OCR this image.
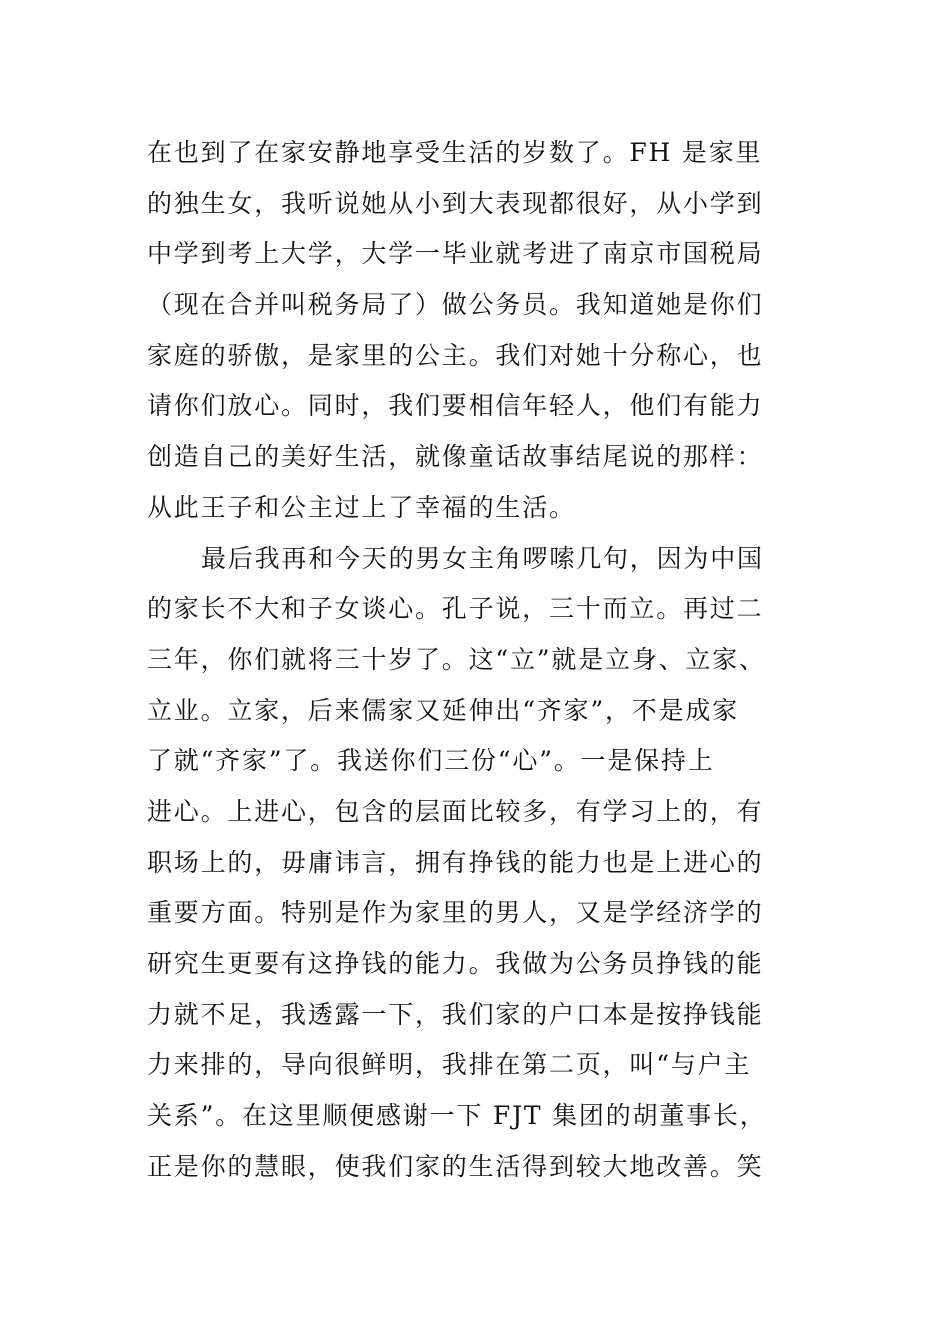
在也到了在家安静地享受生活的岁数了。FH 是家里
的独生女，我听说她从小到大表现都很好，从小学到
中学到考上大学，大学一毕业就考进了南京市国税局
（现在合并叫税务局了）做公务员。我知道她是你们
家庭的骄傲，是家里的公主。我们对她十分称心，也
请你们放心。同时，我们要相信年轻人，他们有能力
创造自己的美好生活，就像童话故事结尾说的那样：
从此王子和公主过上了幸福的生活。
最后我再和今天的男女主角啰嗦几句，因为中国
的家长不大和子女谈心。孔子说，三十而立。再过二
三年，你们就将三十岁了。这“立”就是立身、立家、
立业。立家，后来儒家又延伸出“齐家”，不是成家
了就“齐家”了。我送你们三份“心”。一是保持上
进心。上进心，包含的层面比较多，有学习上的，有
职场上的，毋庸讳言，拥有挣钱的能力也是上进心的
重要方面。特别是作为家里的男人，又是学经济学的
研究生更要有这挣钱的能力。我做为公务员挣钱的能
力就不足，我透露一下，我们家的户口本是按挣钱能
力来排的，导向很鲜明，我排在第二页，叫“与户主
关系”。在这里顺便感谢一下 FJT 集团的胡董事长，
正是你的慧眼，使我们家的生活得到较大地改善。笑
